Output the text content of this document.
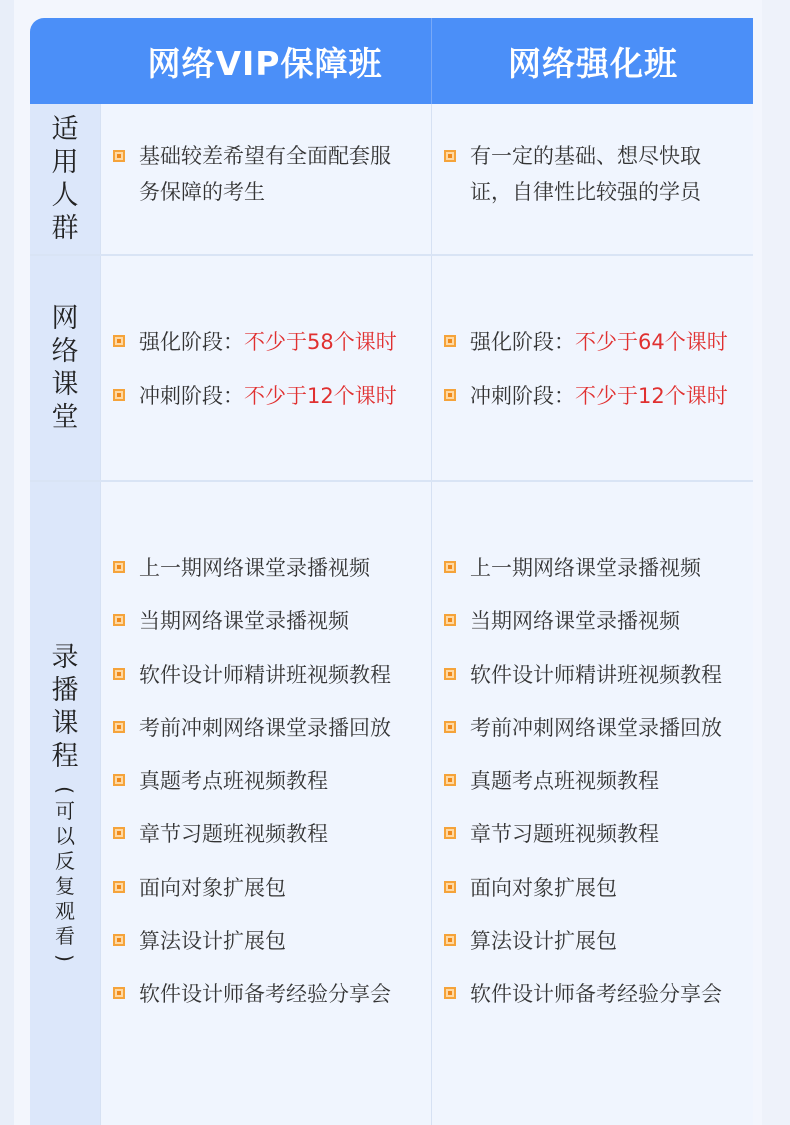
网络VIP保障班	网络强化班
适
用
人
群
基础较差希望有全面配套服务保障的考生
有一定的基础、想尽快取证，自律性比较强的学员
网
络
课
堂
强化阶段： 不少于58个课时
冲刺阶段： 不少于12个课时
强化阶段： 不少于64个课时
冲刺阶段： 不少于12个课时
录
播
课
程
(
可
以
反
复
观
看
)
上一期网络课堂录播视频
当期网络课堂录播视频
软件设计师精讲班视频教程
考前冲刺网络课堂录播回放
真题考点班视频教程
章节习题班视频教程
面向对象扩展包
算法设计扩展包
软件设计师备考经验分享会
上一期网络课堂录播视频
当期网络课堂录播视频
软件设计师精讲班视频教程
考前冲刺网络课堂录播回放
真题考点班视频教程
章节习题班视频教程
面向对象扩展包
算法设计扩展包
软件设计师备考经验分享会
